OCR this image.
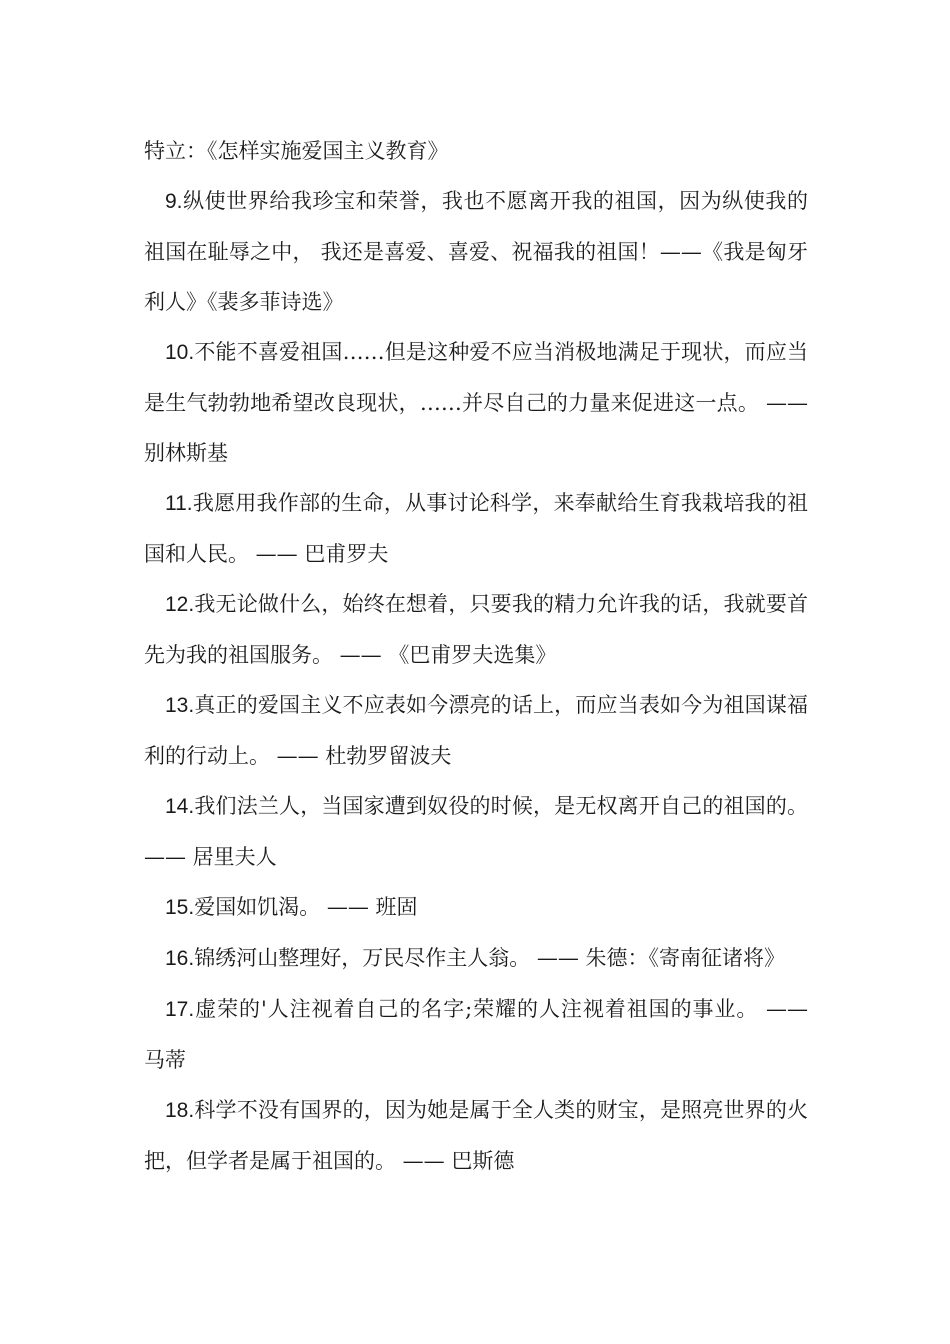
特立：《怎样实施爱国主义教育》

9.纵使世界给我珍宝和荣誉，我也不愿离开我的祖国，因为纵使我的祖国在耻辱之中， 我还是喜爱、喜爱、祝福我的祖国！——《我是匈牙利人》《裴多菲诗选》

10.不能不喜爱祖国……但是这种爱不应当消极地满足于现状，而应当是生气勃勃地希望改良现状，……并尽自己的力量来促进这一点。 —— 别林斯基

11.我愿用我作部的生命，从事讨论科学，来奉献给生育我栽培我的祖国和人民。 —— 巴甫罗夫

12.我无论做什么，始终在想着，只要我的精力允许我的话，我就要首先为我的祖国服务。 —— 《巴甫罗夫选集》

13.真正的爱国主义不应表如今漂亮的话上，而应当表如今为祖国谋福利的行动上。 —— 杜勃罗留波夫

14.我们法兰人，当国家遭到奴役的时候，是无权离开自己的祖国的。 —— 居里夫人

15.爱国如饥渴。 —— 班固

16.锦绣河山整理好，万民尽作主人翁。 —— 朱德：《寄南征诸将》

17.虚荣的'人注视着自己的名字;荣耀的人注视着祖国的事业。 —— 马蒂

18.科学不没有国界的，因为她是属于全人类的财宝，是照亮世界的火把，但学者是属于祖国的。 —— 巴斯德
